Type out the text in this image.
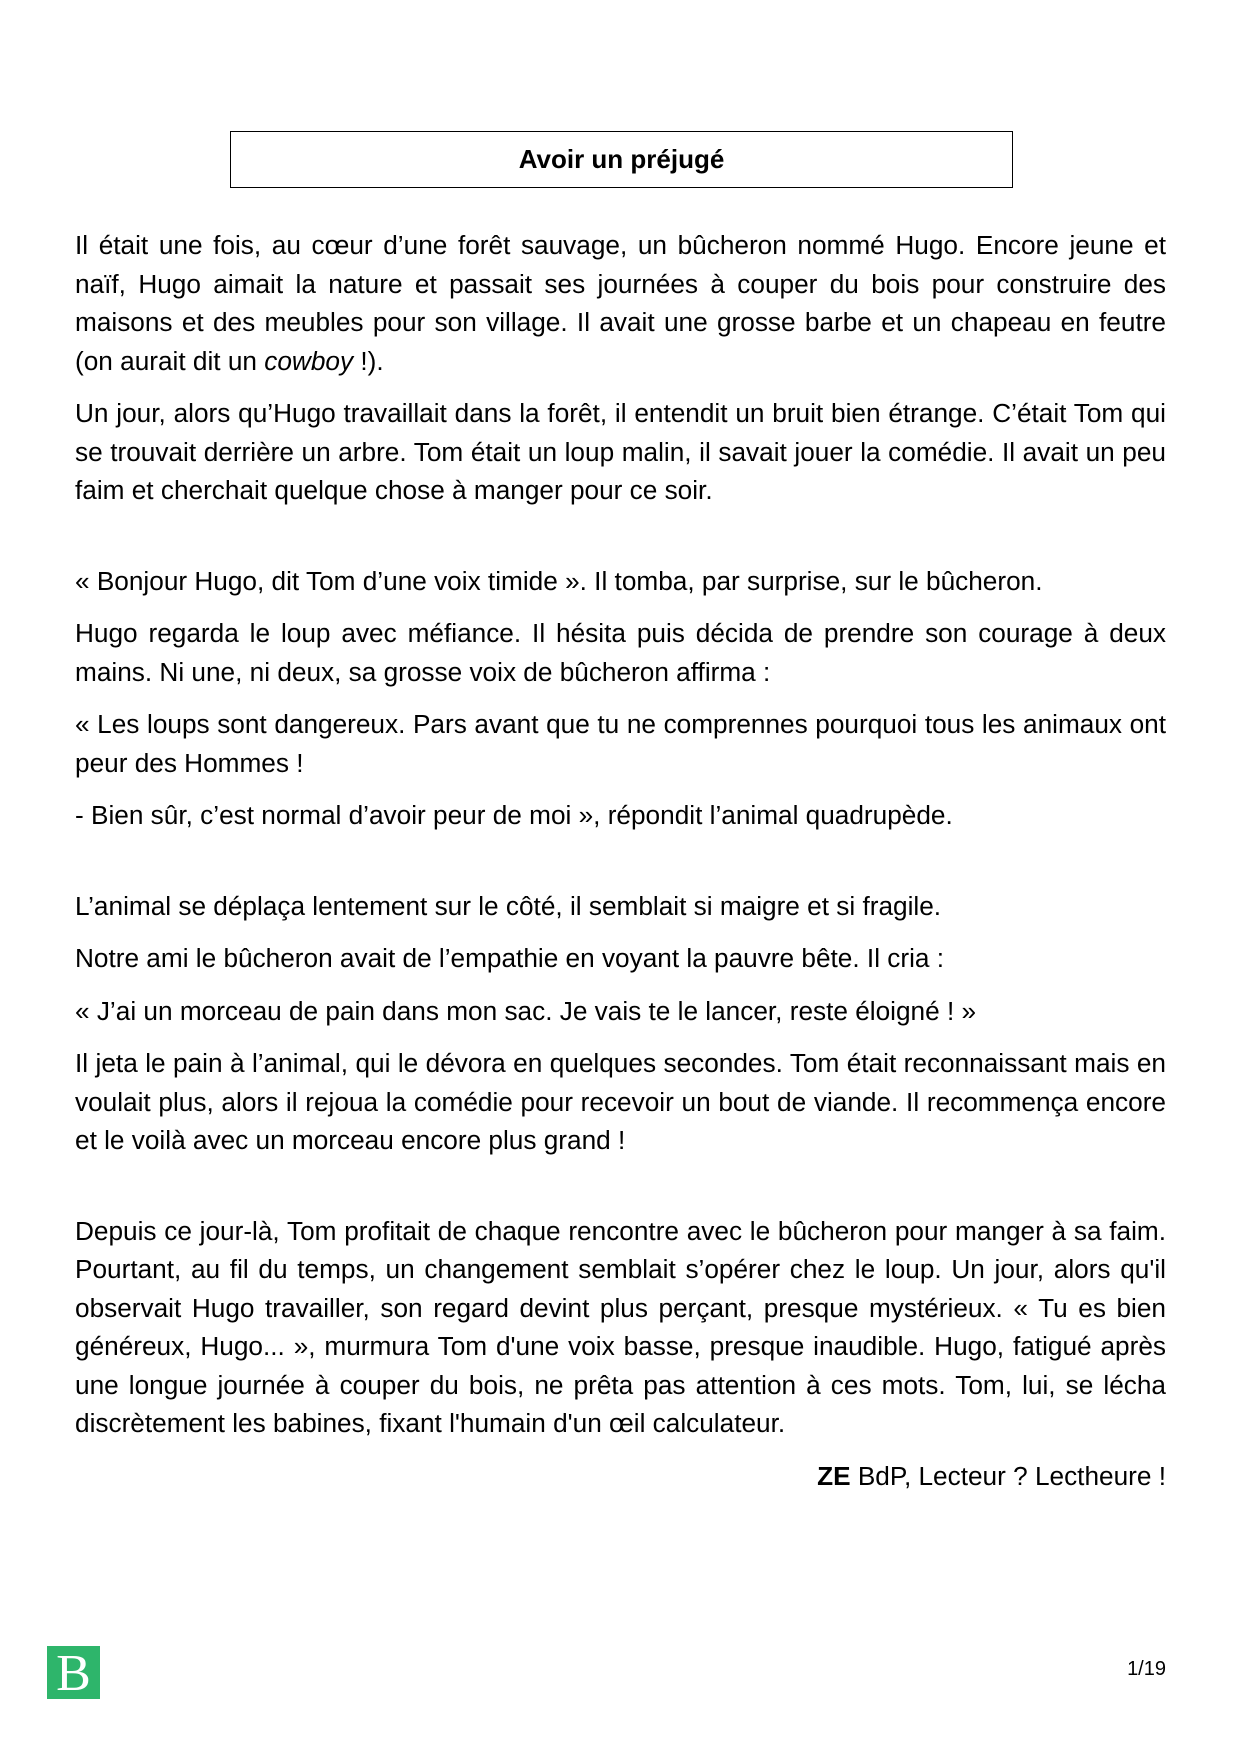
Avoir un préjugé

Il était une fois, au cœur d’une forêt sauvage, un bûcheron nommé Hugo. Encore jeune et naïf, Hugo aimait la nature et passait ses journées à couper du bois pour construire des maisons et des meubles pour son village. Il avait une grosse barbe et un chapeau en feutre (on aurait dit un cowboy !).

Un jour, alors qu’Hugo travaillait dans la forêt, il entendit un bruit bien étrange. C’était Tom qui se trouvait derrière un arbre. Tom était un loup malin, il savait jouer la comédie. Il avait un peu faim et cherchait quelque chose à manger pour ce soir.

« Bonjour Hugo, dit Tom d’une voix timide ». Il tomba, par surprise, sur le bûcheron.

Hugo regarda le loup avec méfiance. Il hésita puis décida de prendre son courage à deux mains. Ni une, ni deux, sa grosse voix de bûcheron affirma :

« Les loups sont dangereux. Pars avant que tu ne comprennes pourquoi tous les animaux ont peur des Hommes !

- Bien sûr, c’est normal d’avoir peur de moi », répondit l’animal quadrupède.

L’animal se déplaça lentement sur le côté, il semblait si maigre et si fragile.

Notre ami le bûcheron avait de l’empathie en voyant la pauvre bête. Il cria :

« J’ai un morceau de pain dans mon sac. Je vais te le lancer, reste éloigné ! »

Il jeta le pain à l’animal, qui le dévora en quelques secondes. Tom était reconnaissant mais en voulait plus, alors il rejoua la comédie pour recevoir un bout de viande. Il recommença encore et le voilà avec un morceau encore plus grand !

Depuis ce jour-là, Tom profitait de chaque rencontre avec le bûcheron pour manger à sa faim. Pourtant, au fil du temps, un changement semblait s’opérer chez le loup. Un jour, alors qu'il observait Hugo travailler, son regard devint plus perçant, presque mystérieux. « Tu es bien généreux, Hugo... », murmura Tom d'une voix basse, presque inaudible. Hugo, fatigué après une longue journée à couper du bois, ne prêta pas attention à ces mots. Tom, lui, se lécha discrètement les babines, fixant l'humain d'un œil calculateur.

ZE BdP, Lecteur ? Lectheure !
B	1/19
